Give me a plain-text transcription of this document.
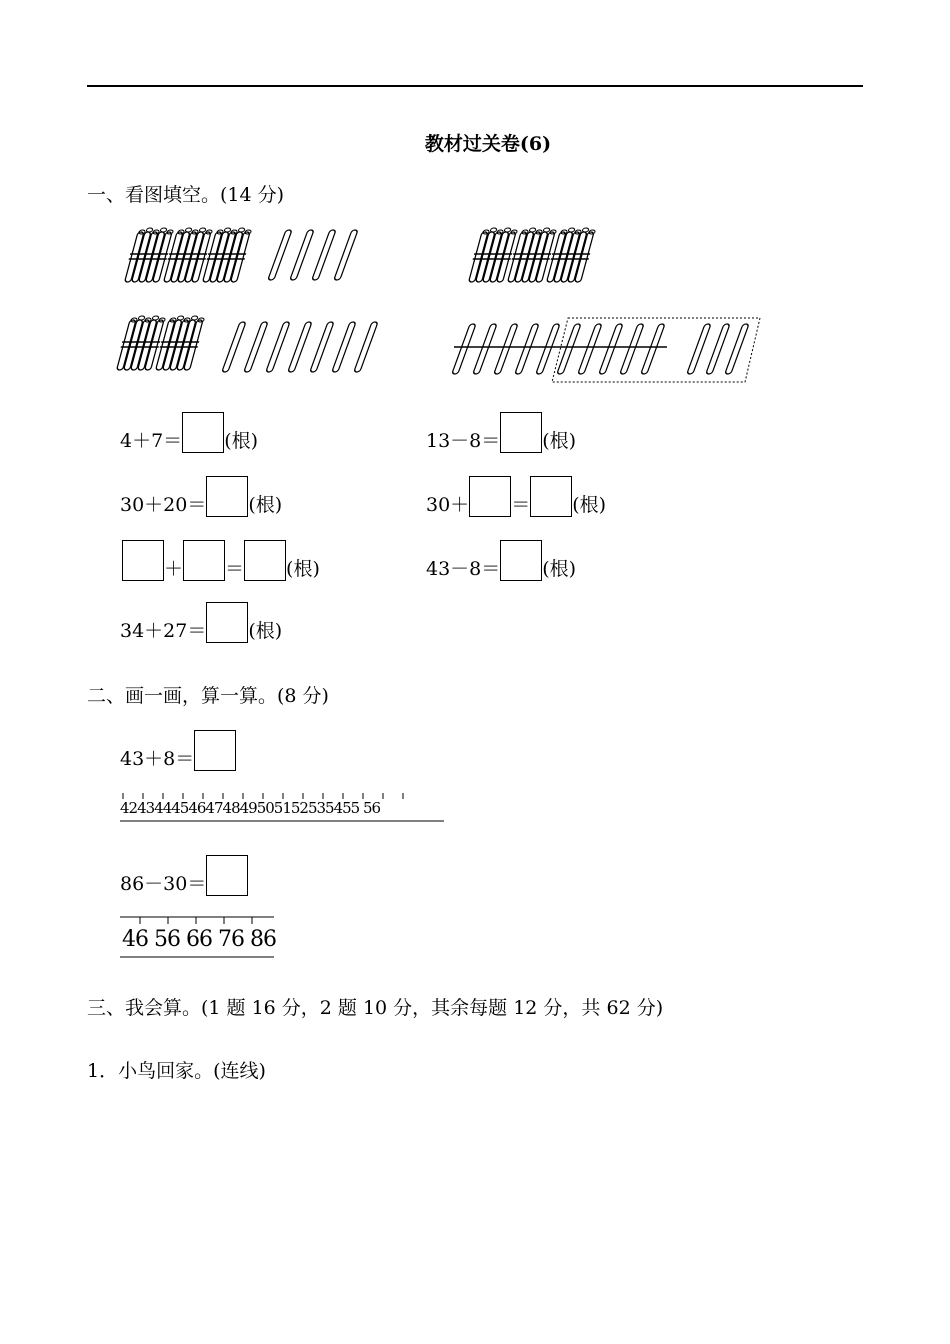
教材过关卷(6)
一、看图填空。(14 分)
4＋7＝ (根)	13－8＝ (根)
30＋20＝ (根)	30＋ ＝ (根)
＋ ＝ (根)	43－8＝ (根)
34＋27＝ (根)
二、画一画，算一算。(8 分)
43＋8＝
4243444546474849505152535455 56
86－30＝
46 56 66 76 86
三、我会算。(1 题 16 分，2 题 10 分，其余每题 12 分，共 62 分)
1．小鸟回家。(连线)
